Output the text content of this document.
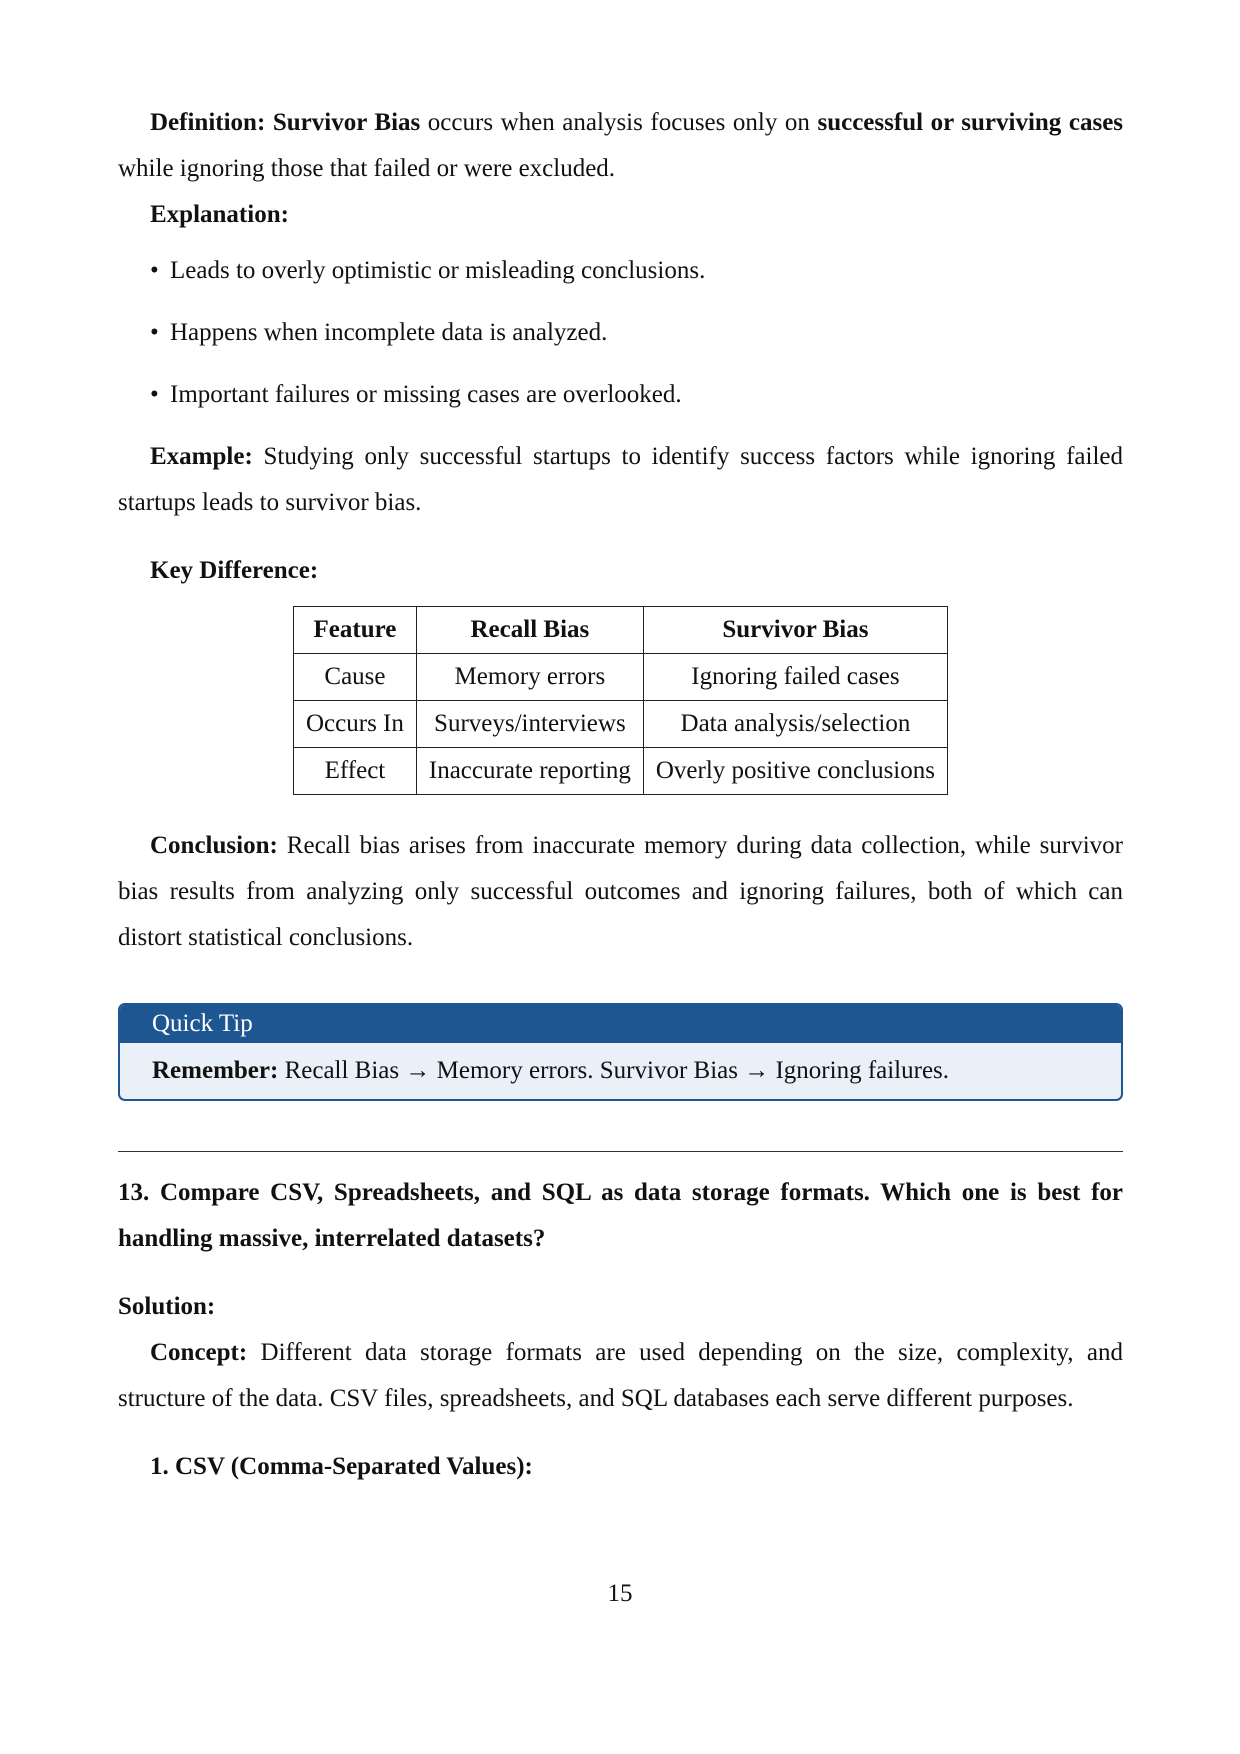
Definition: Survivor Bias occurs when analysis focuses only on successful or surviving cases while ignoring those that failed or were excluded.

Explanation:

• Leads to overly optimistic or misleading conclusions.
• Happens when incomplete data is analyzed.
• Important failures or missing cases are overlooked.

Example: Studying only successful startups to identify success factors while ignoring failed startups leads to survivor bias.

Key Difference:

Feature	Recall Bias	Survivor Bias
Cause	Memory errors	Ignoring failed cases
Occurs In	Surveys/interviews	Data analysis/selection
Effect	Inaccurate reporting	Overly positive conclusions

Conclusion: Recall bias arises from inaccurate memory during data collection, while survivor bias results from analyzing only successful outcomes and ignoring failures, both of which can distort statistical conclusions.

Quick Tip
Remember: Recall Bias → Memory errors. Survivor Bias → Ignoring failures.

13. Compare CSV, Spreadsheets, and SQL as data storage formats. Which one is best for handling massive, interrelated datasets?

Solution:

Concept: Different data storage formats are used depending on the size, complexity, and structure of the data. CSV files, spreadsheets, and SQL databases each serve different purposes.

1. CSV (Comma-Separated Values):

15
